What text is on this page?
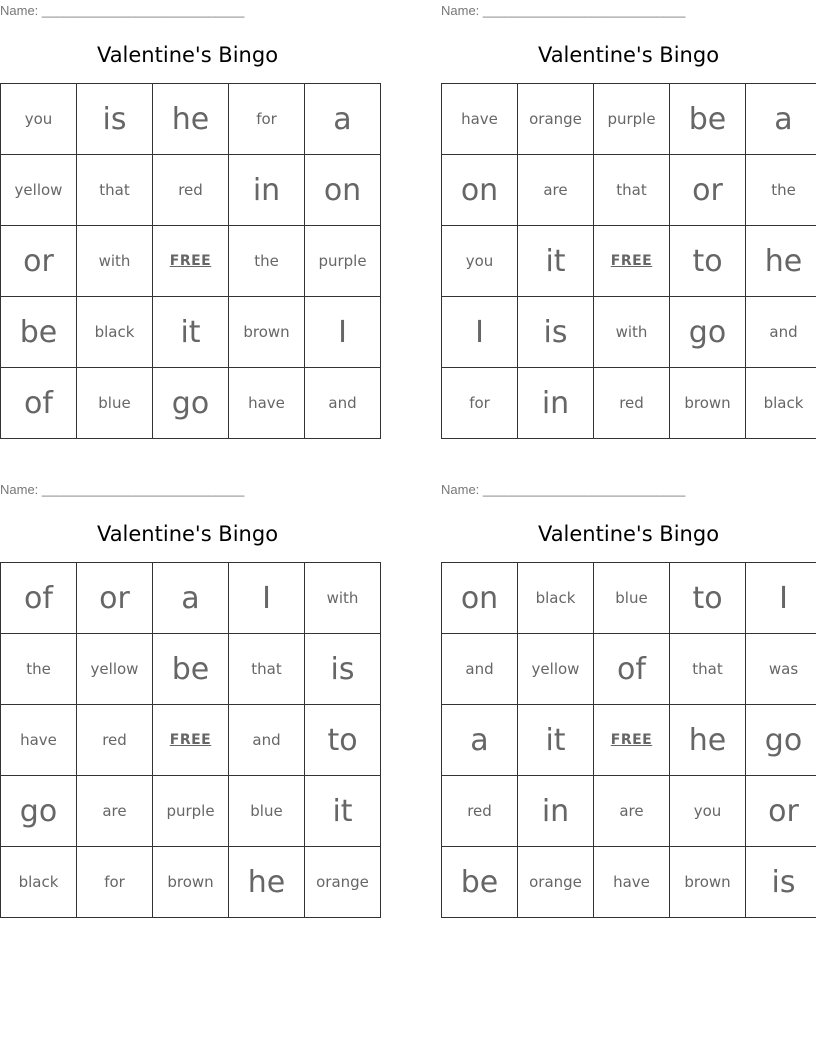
Name: ____________________________
Valentine's Bingo
you	is	he	for	a
yellow	that	red	in	on
or	with	FREE	the	purple
be	black	it	brown	I
of	blue	go	have	and
Name: ____________________________
Valentine's Bingo
have	orange	purple	be	a
on	are	that	or	the
you	it	FREE	to	he
I	is	with	go	and
for	in	red	brown	black
Name: ____________________________
Valentine's Bingo
of	or	a	I	with
the	yellow	be	that	is
have	red	FREE	and	to
go	are	purple	blue	it
black	for	brown	he	orange
Name: ____________________________
Valentine's Bingo
on	black	blue	to	I
and	yellow	of	that	was
a	it	FREE	he	go
red	in	are	you	or
be	orange	have	brown	is
